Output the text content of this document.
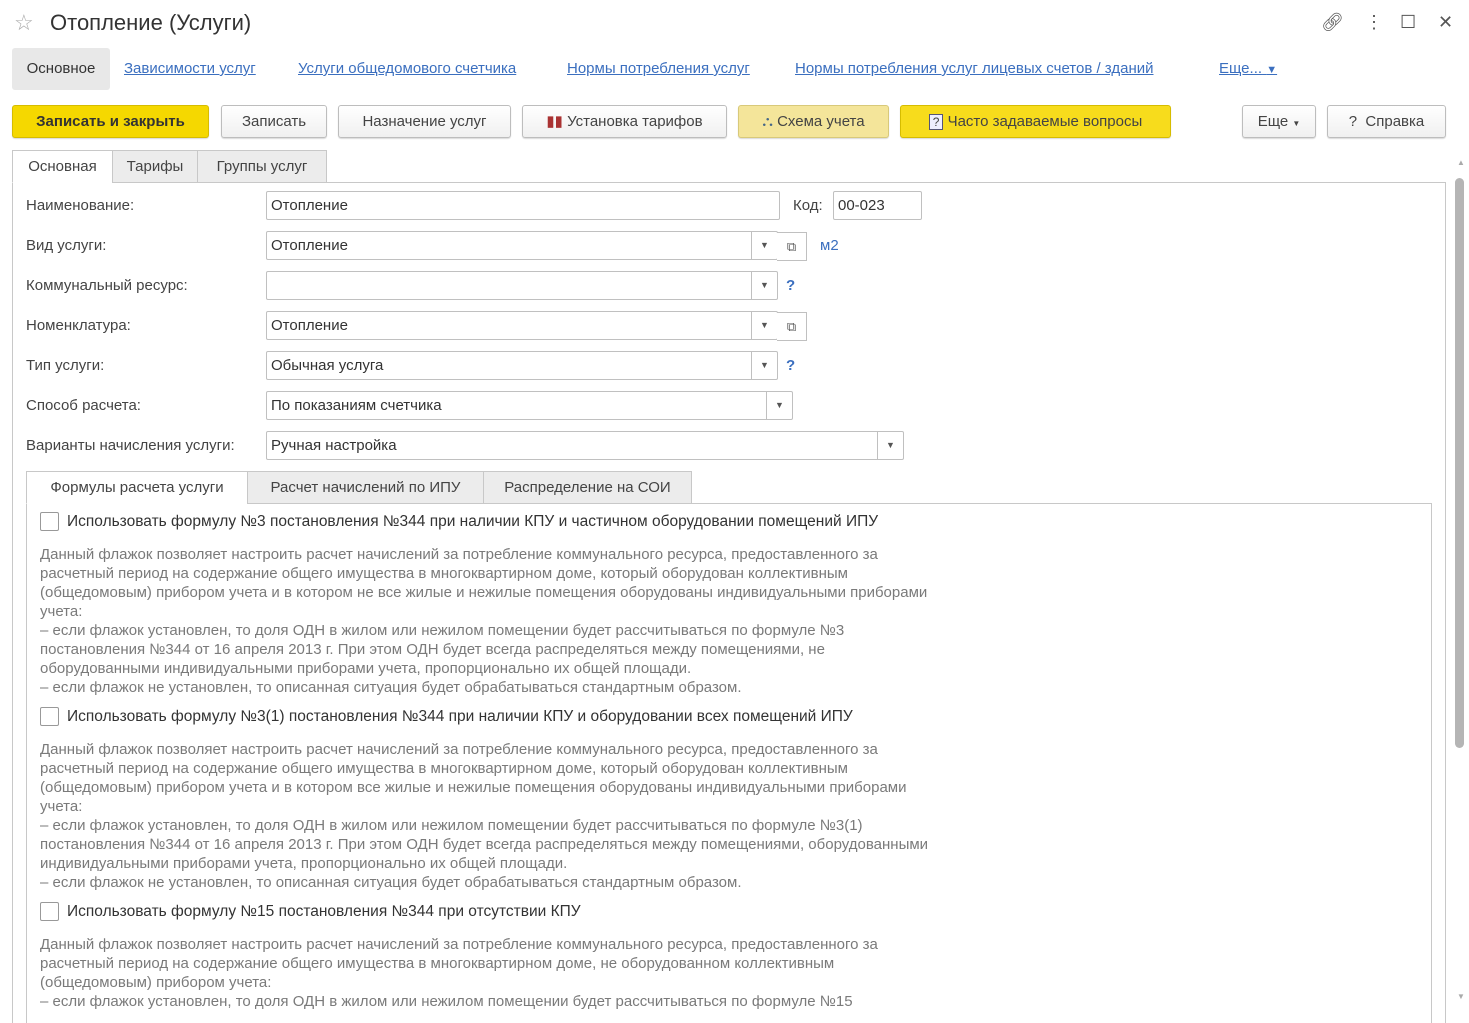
☆ Отопление (Услуги)	🔗︎ ⋮ ☐ ✕
Основное	Зависимости услуг	Услуги общедомового счетчика	Нормы потребления услуг	Нормы потребления услуг лицевых счетов / зданий	Еще... ▼
Записать и закрыть	Записать	Назначение услуг	▮▮ Установка тарифов	⛬ Схема учета	? Часто задаваемые вопросы	Еще ▼	? Справка
Основная	Тарифы	Группы услуг
Наименование:	Отопление	Код:	00-023
Вид услуги:	Отопление	▼	⧉	м2
Коммунальный ресурс:	▼	?
Номенклатура:	Отопление	▼	⧉
Тип услуги:	Обычная услуга	▼	?
Способ расчета:	По показаниям счетчика	▼
Варианты начисления услуги:	Ручная настройка	▼
Формулы расчета услуги	Расчет начислений по ИПУ	Распределение на СОИ
Использовать формулу №3 постановления №344 при наличии КПУ и частичном оборудовании помещений ИПУ
Данный флажок позволяет настроить расчет начислений за потребление коммунального ресурса, предоставленного за
расчетный период на содержание общего имущества в многоквартирном доме, который оборудован коллективным
(общедомовым) прибором учета и в котором не все жилые и нежилые помещения оборудованы индивидуальными приборами
учета:
– если флажок установлен, то доля ОДН в жилом или нежилом помещении будет рассчитываться по формуле №3
постановления №344 от 16 апреля 2013 г. При этом ОДН будет всегда распределяться между помещениями, не
оборудованными индивидуальными приборами учета, пропорционально их общей площади.
– если флажок не установлен, то описанная ситуация будет обрабатываться стандартным образом.
Использовать формулу №3(1) постановления №344 при наличии КПУ и оборудовании всех помещений ИПУ
Данный флажок позволяет настроить расчет начислений за потребление коммунального ресурса, предоставленного за
расчетный период на содержание общего имущества в многоквартирном доме, который оборудован коллективным
(общедомовым) прибором учета и в котором все жилые и нежилые помещения оборудованы индивидуальными приборами
учета:
– если флажок установлен, то доля ОДН в жилом или нежилом помещении будет рассчитываться по формуле №3(1)
постановления №344 от 16 апреля 2013 г. При этом ОДН будет всегда распределяться между помещениями, оборудованными
индивидуальными приборами учета, пропорционально их общей площади.
– если флажок не установлен, то описанная ситуация будет обрабатываться стандартным образом.
Использовать формулу №15 постановления №344 при отсутствии КПУ
Данный флажок позволяет настроить расчет начислений за потребление коммунального ресурса, предоставленного за
расчетный период на содержание общего имущества в многоквартирном доме, не оборудованном коллективным
(общедомовым) прибором учета:
– если флажок установлен, то доля ОДН в жилом или нежилом помещении будет рассчитываться по формуле №15
▲
▼
